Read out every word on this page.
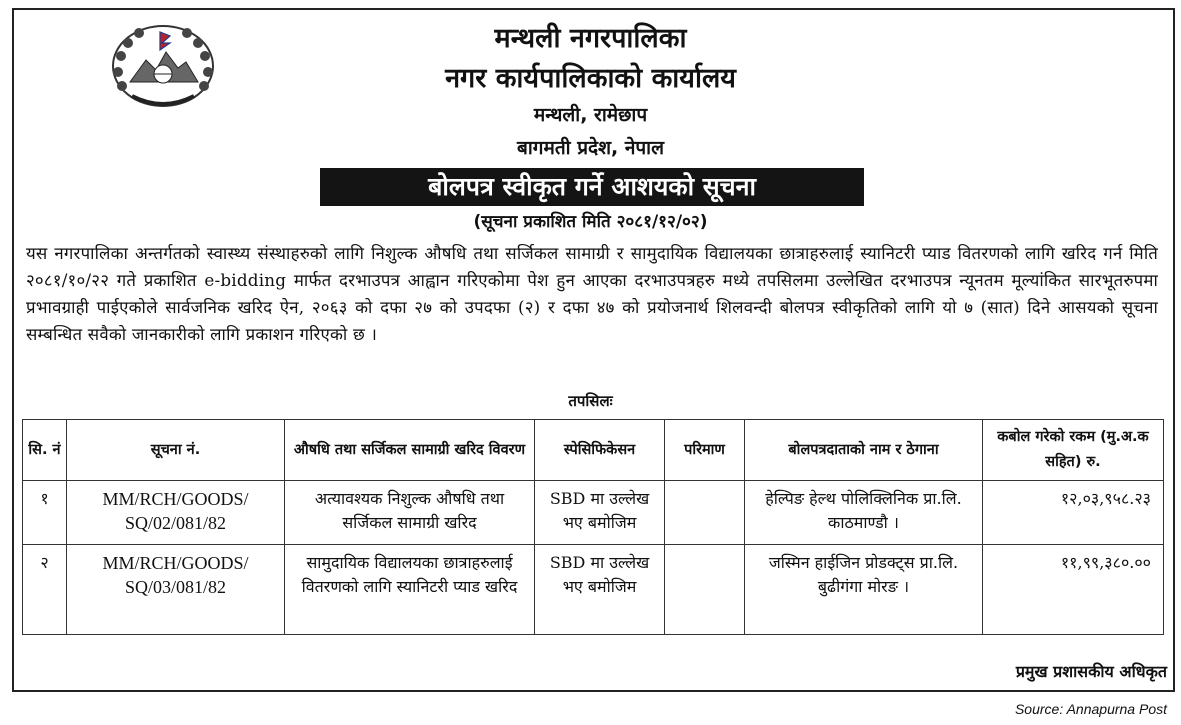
मन्थली नगरपालिका
नगर कार्यपालिकाको कार्यालय
मन्थली, रामेछाप
बागमती प्रदेश, नेपाल
बोलपत्र स्वीकृत गर्ने आशयको सूचना
(सूचना प्रकाशित मिति २०८१/१२/०२)
यस नगरपालिका अन्तर्गतको स्वास्थ्य संस्थाहरुको लागि निशुल्क औषधि तथा सर्जिकल सामाग्री र सामुदायिक विद्यालयका छात्राहरुलाई स्यानिटरी प्याड वितरणको लागि खरिद गर्न मिति २०८१/१०/२२ गते प्रकाशित e-bidding मार्फत दरभाउपत्र आह्वान गरिएकोमा पेश हुन आएका दरभाउपत्रहरु मध्ये तपसिलमा उल्लेखित दरभाउपत्र न्यूनतम मूल्यांकित सारभूतरुपमा प्रभावग्राही पाईएकोले सार्वजनिक खरिद ऐन, २०६३ को दफा २७ को उपदफा (२) र दफा ४७ को प्रयोजनार्थ शिलवन्दी बोलपत्र स्वीकृतिको लागि यो ७ (सात) दिने आसयको सूचना सम्बन्धित सवैको जानकारीको लागि प्रकाशन गरिएको छ ।
तपसिलः
सि. नं	सूचना नं.	औषधि तथा सर्जिकल सामाग्री खरिद विवरण	स्पेसिफिकेसन	परिमाण	बोलपत्रदाताको नाम र ठेगाना	कबोल गरेको रकम (मु.अ.क सहित) रु.
१	MM/RCH/GOODS/ SQ/02/081/82	अत्यावश्यक निशुल्क औषधि तथा सर्जिकल सामाग्री खरिद	SBD मा उल्लेख भए बमोजिम		हेल्पिङ हेल्थ पोलिक्लिनिक प्रा.लि. काठमाण्डौ ।	१२,०३,९५८.२३
२	MM/RCH/GOODS/ SQ/03/081/82	सामुदायिक विद्यालयका छात्राहरुलाई वितरणको लागि स्यानिटरी प्याड खरिद	SBD मा उल्लेख भए बमोजिम		जस्मिन हाईजिन प्रोडक्ट्स प्रा.लि. बुढीगंगा मोरङ ।	११,९९,३८०.००
प्रमुख प्रशासकीय अधिकृत
Source: Annapurna Post
